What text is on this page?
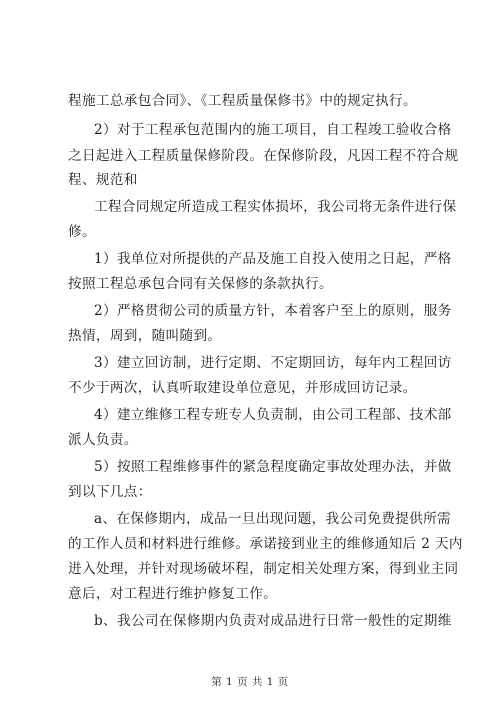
程施工总承包合同》、《工程质量保修书》中的规定执行。
2）对于工程承包范围内的施工项目，自工程竣工验收合格
之日起进入工程质量保修阶段。在保修阶段，凡因工程不符合规
程、规范和
工程合同规定所造成工程实体损坏，我公司将无条件进行保
修。
1）我单位对所提供的产品及施工自投入使用之日起，严格
按照工程总承包合同有关保修的条款执行。
2）严格贯彻公司的质量方针，本着客户至上的原则，服务
热情，周到，随叫随到。
3）建立回访制，进行定期、不定期回访，每年内工程回访
不少于两次，认真听取建设单位意见，并形成回访记录。
4）建立维修工程专班专人负责制，由公司工程部、技术部
派人负责。
5）按照工程维修事件的紧急程度确定事故处理办法，并做
到以下几点：
a、在保修期内，成品一旦出现问题，我公司免费提供所需
的工作人员和材料进行维修。承诺接到业主的维修通知后 2 天内
进入处理，并针对现场破坏程，制定相关处理方案，得到业主同
意后，对工程进行维护修复工作。
b、我公司在保修期内负责对成品进行日常一般性的定期维
第 1 页 共 1 页
